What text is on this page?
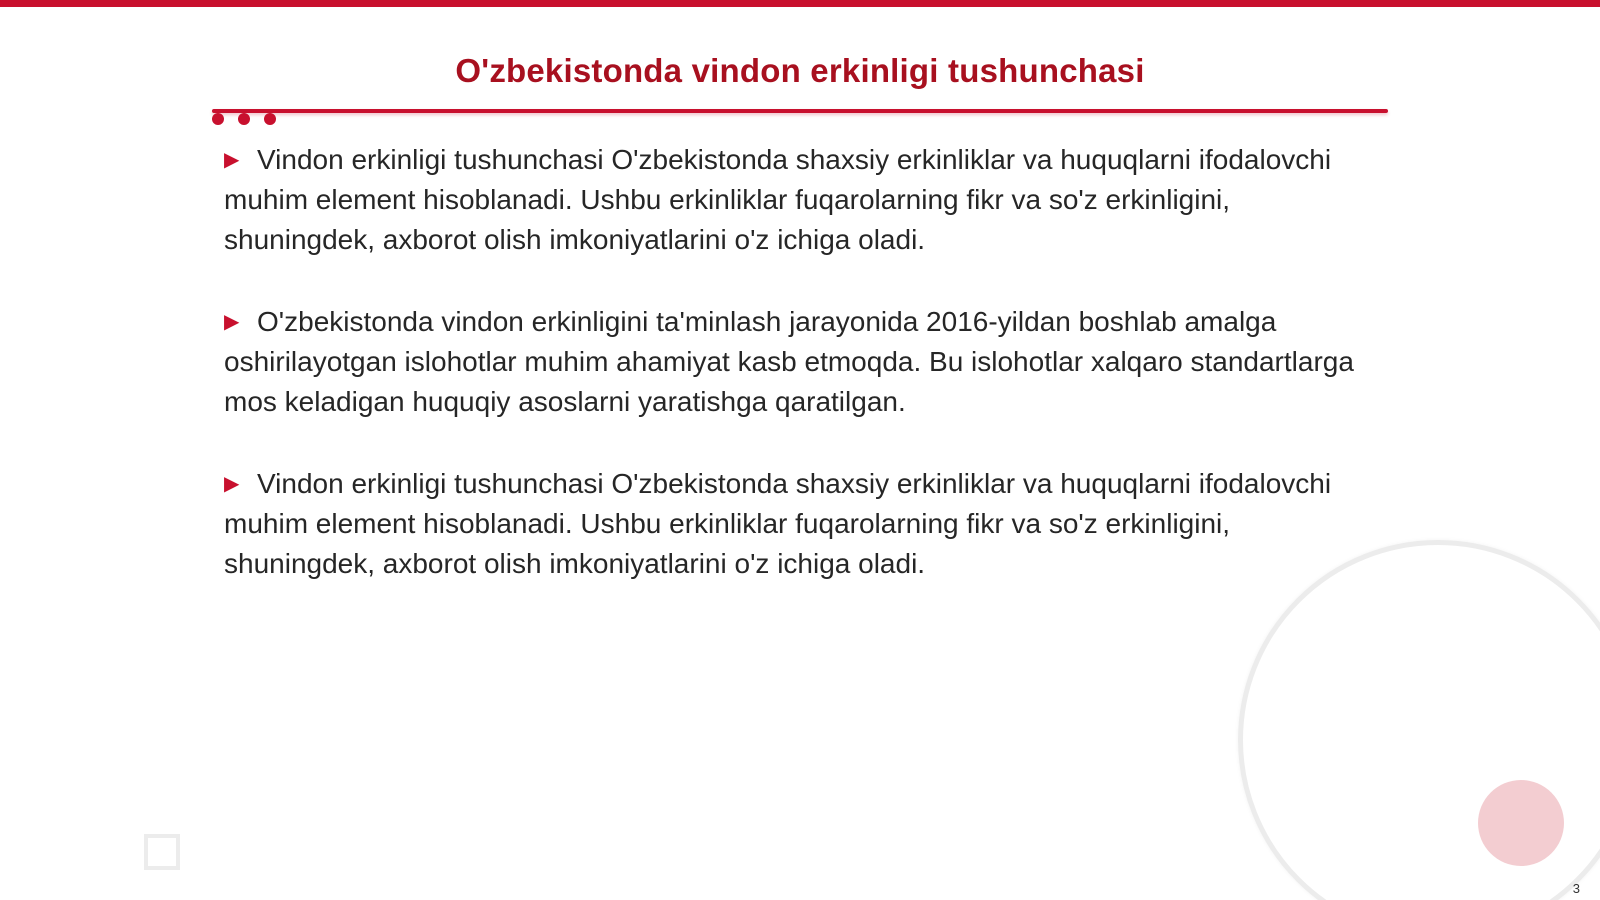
O'zbekistonda vindon erkinligi tushunchasi
▶ Vindon erkinligi tushunchasi O'zbekistonda shaxsiy erkinliklar va huquqlarni ifodalovchi muhim element hisoblanadi. Ushbu erkinliklar fuqarolarning fikr va so'z erkinligini, shuningdek, axborot olish imkoniyatlarini o'z ichiga oladi.
▶ O'zbekistonda vindon erkinligini ta'minlash jarayonida 2016-yildan boshlab amalga oshirilayotgan islohotlar muhim ahamiyat kasb etmoqda. Bu islohotlar xalqaro standartlarga mos keladigan huquqiy asoslarni yaratishga qaratilgan.
▶ Vindon erkinligi tushunchasi O'zbekistonda shaxsiy erkinliklar va huquqlarni ifodalovchi muhim element hisoblanadi. Ushbu erkinliklar fuqarolarning fikr va so'z erkinligini, shuningdek, axborot olish imkoniyatlarini o'z ichiga oladi.
3
